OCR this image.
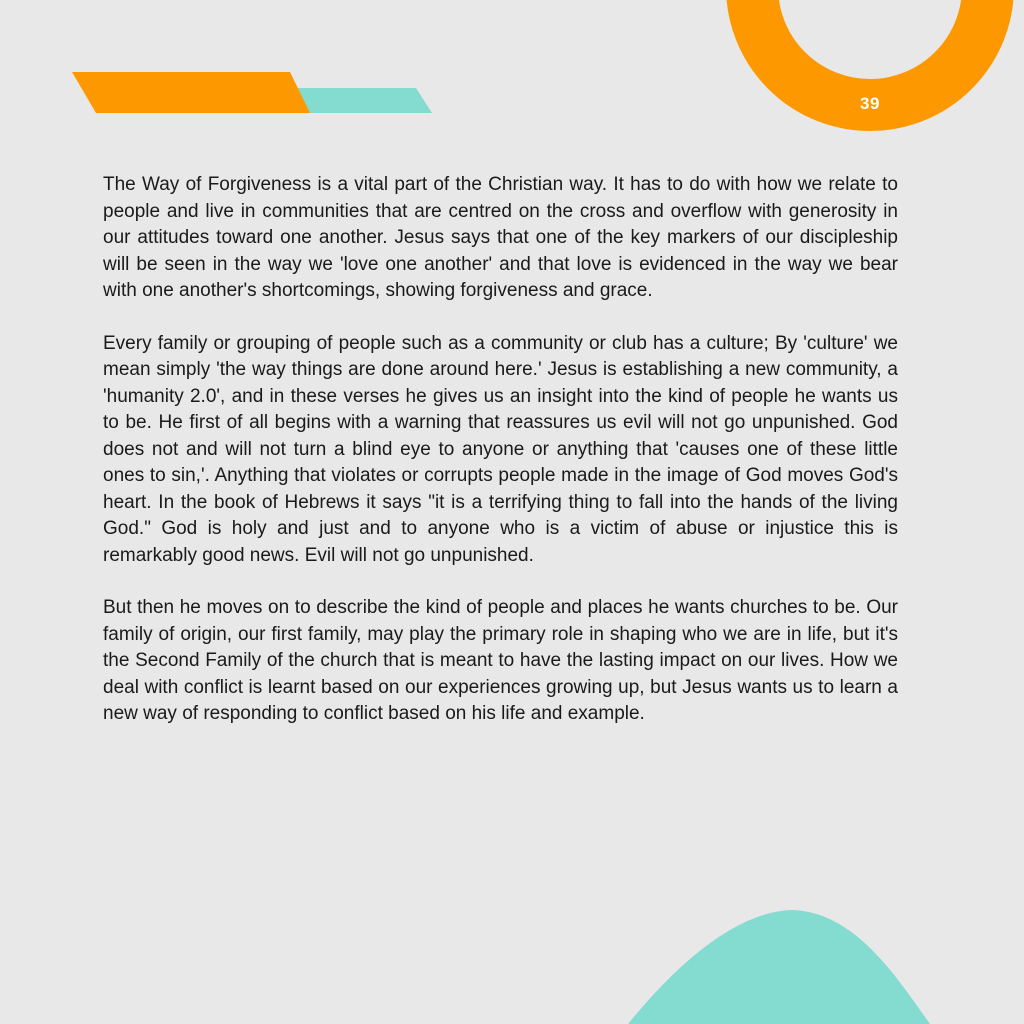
39

The Way of Forgiveness is a vital part of the Christian way. It has to do with how we relate to people and live in communities that are centred on the cross and overflow with generosity in our attitudes toward one another. Jesus says that one of the key markers of our discipleship will be seen in the way we 'love one another' and that love is evidenced in the way we bear with one another's shortcomings, showing forgiveness and grace.

Every family or grouping of people such as a community or club has a culture; By 'culture' we mean simply 'the way things are done around here.' Jesus is establishing a new community, a 'humanity 2.0', and in these verses he gives us an insight into the kind of people he wants us to be. He first of all begins with a warning that reassures us evil will not go unpunished. God does not and will not turn a blind eye to anyone or anything that 'causes one of these little ones to sin,'. Anything that violates or corrupts people made in the image of God moves God's heart. In the book of Hebrews it says "it is a terrifying thing to fall into the hands of the living God." God is holy and just and to anyone who is a victim of abuse or injustice this is remarkably good news. Evil will not go unpunished.

But then he moves on to describe the kind of people and places he wants churches to be. Our family of origin, our first family, may play the primary role in shaping who we are in life, but it's the Second Family of the church that is meant to have the lasting impact on our lives. How we deal with conflict is learnt based on our experiences growing up, but Jesus wants us to learn a new way of responding to conflict based on his life and example.
